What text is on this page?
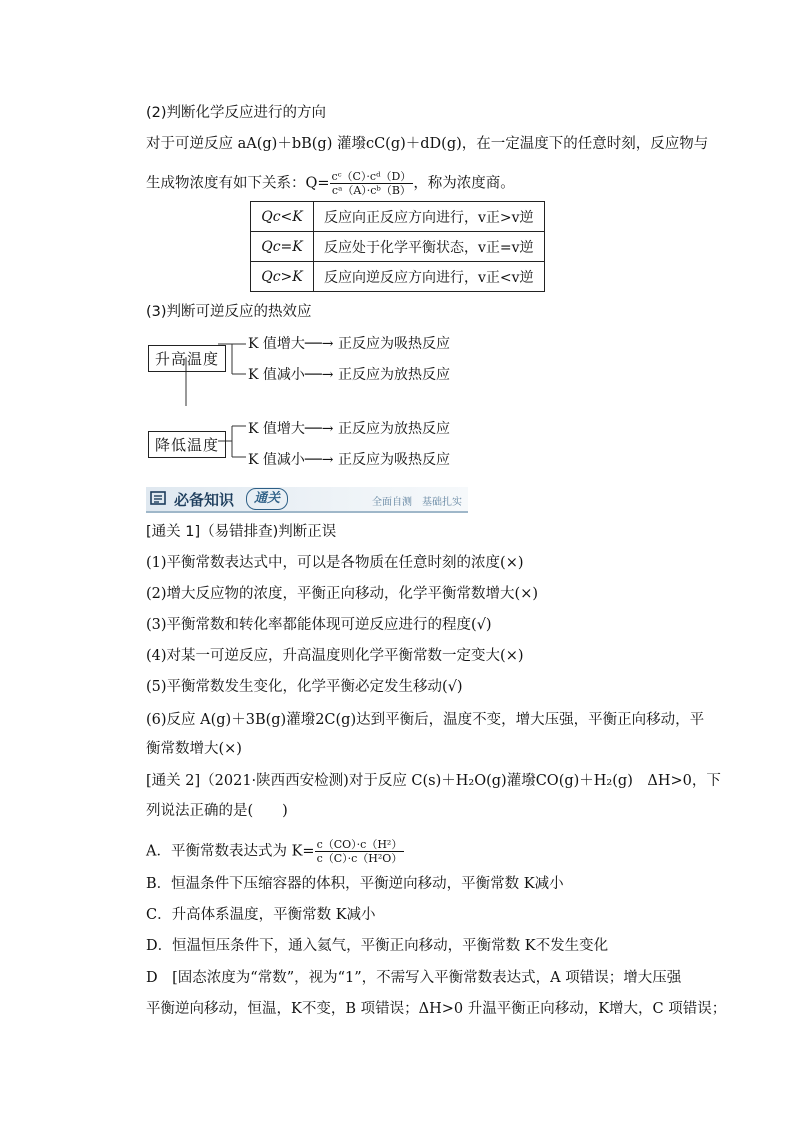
(2)判断化学反应进行的方向
对于可逆反应 aA(g)＋bB(g) 灌墢cC(g)＋dD(g)，在一定温度下的任意时刻，反应物与
生成物浓度有如下关系：$Q= \frac{\text{cᶜ（C）·cᵈ（D）}}{\text{cᵃ（A）·cᵇ（B）}}$ ，称为浓度商。
Qc<K	反应向正反应方向进行，v正>v逆
Qc=K	反应处于化学平衡状态，v正=v逆
Qc>K	反应向逆反应方向进行，v正<v逆
(3)判断可逆反应的热效应
升高温度
降低温度
K 值增大──→ 正反应为吸热反应
K 值减小──→ 正反应为放热反应
K 值增大──→ 正反应为放热反应
K 值减小──→ 正反应为吸热反应
必备知识	通关	全面自测　基础扎实
[通关 1]（易错排查)判断正误
(1)平衡常数表达式中，可以是各物质在任意时刻的浓度(×)
(2)增大反应物的浓度，平衡正向移动，化学平衡常数增大(×)
(3)平衡常数和转化率都能体现可逆反应进行的程度(√)
(4)对某一可逆反应，升高温度则化学平衡常数一定变大(×)
(5)平衡常数发生变化，化学平衡必定发生移动(√)
(6)反应 A(g)＋3B(g)灌墢2C(g)达到平衡后，温度不变，增大压强，平衡正向移动，平
衡常数增大(×)
[通关 2]（2021·陕西西安检测)对于反应 C(s)＋H₂O(g)灌墢CO(g)＋H₂(g)　ΔH>0，下
列说法正确的是(　　)
A．平衡常数表达式为 $K= \frac{\text{c（CO）·c（H²）}}{\text{c（C）·c（H²O）}}$
B．恒温条件下压缩容器的体积，平衡逆向移动，平衡常数 K减小
C．升高体系温度，平衡常数 K减小
D．恒温恒压条件下，通入氦气，平衡正向移动，平衡常数 K不发生变化
D　[固态浓度为“常数”，视为“1”，不需写入平衡常数表达式，A 项错误；增大压强
平衡逆向移动，恒温，K不变，B 项错误；ΔH>0 升温平衡正向移动，K增大，C 项错误；
